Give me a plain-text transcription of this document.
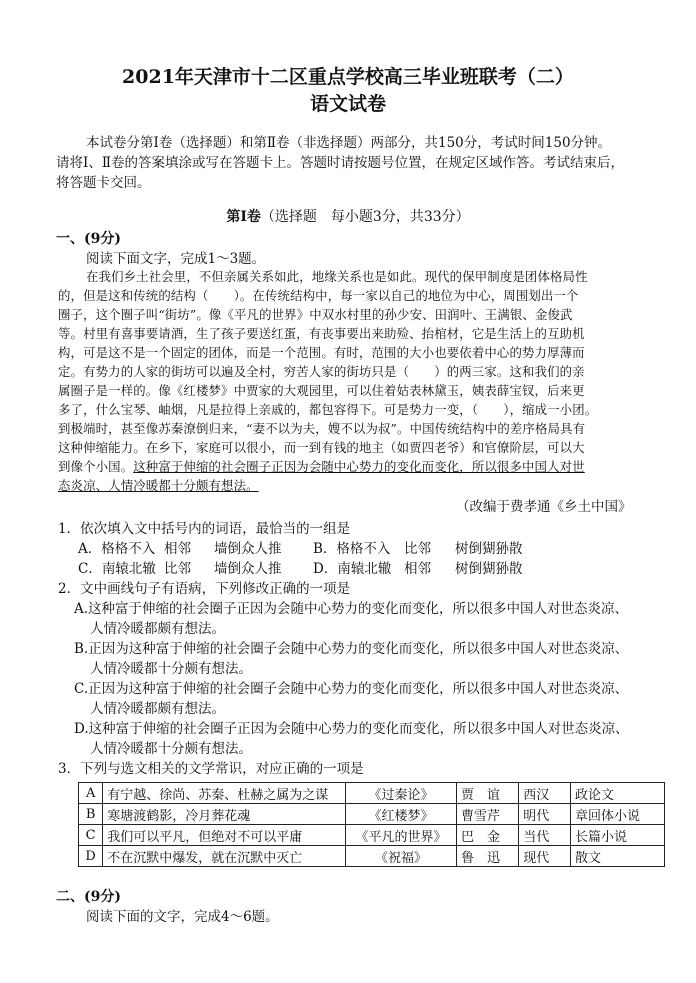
2021年天津市十二区重点学校高三毕业班联考（二）
语文试卷
本试卷分第Ⅰ卷（选择题）和第Ⅱ卷（非选择题）两部分，共150分，考试时间150分钟。
请将Ⅰ、Ⅱ卷的答案填涂或写在答题卡上。答题时请按题号位置，在规定区域作答。考试结束后，
将答题卡交回。
第Ⅰ卷（选择题　每小题3分，共33分）
一、(9分)
阅读下面文字，完成1～3题。
在我们乡土社会里，不但亲属关系如此，地缘关系也是如此。现代的保甲制度是团体格局性
的，但是这和传统的结构（　　）。在传统结构中，每一家以自己的地位为中心，周围划出一个
圈子，这个圈子叫“街坊”。像《平凡的世界》中双水村里的孙少安、田润叶、王满银、金俊武
等。村里有喜事要请酒，生了孩子要送红蛋，有丧事要出来助殓、抬棺材，它是生活上的互助机
构，可是这不是一个固定的团体，而是一个范围。有时，范围的大小也要依着中心的势力厚薄而
定。有势力的人家的街坊可以遍及全村，穷苦人家的街坊只是（　　）的两三家。这和我们的亲
属圈子是一样的。像《红楼梦》中贾家的大观园里，可以住着姑表林黛玉，姨表薛宝钗，后来更
多了，什么宝琴、岫烟，凡是拉得上亲戚的，都包容得下。可是势力一变，（　　），缩成一小团。
到极端时，甚至像苏秦潦倒归来，“妻不以为夫，嫂不以为叔”。中国传统结构中的差序格局具有
这种伸缩能力。在乡下，家庭可以很小，而一到有钱的地主（如贾四老爷）和官僚阶层，可以大
到像个小国。这种富于伸缩的社会圈子正因为会随中心势力的变化而变化，所以很多中国人对世
态炎凉、人情冷暖都十分颇有想法。
（改编于费孝通《乡土中国》
1．依次填入文中括号内的词语，最恰当的一组是
A．格格不入 相邻 墙倒众人推 B．格格不入 比邻 树倒猢狲散
C．南辕北辙 比邻 墙倒众人推 D．南辕北辙 相邻 树倒猢狲散
2．文中画线句子有语病，下列修改正确的一项是
A.这种富于伸缩的社会圈子正因为会随中心势力的变化而变化，所以很多中国人对世态炎凉、
人情冷暖都颇有想法。
B.正因为这种富于伸缩的社会圈子会随中心势力的变化而变化，所以很多中国人对世态炎凉、
人情冷暖都十分颇有想法。
C.正因为这种富于伸缩的社会圈子会随中心势力的变化而变化，所以很多中国人对世态炎凉、
人情冷暖都颇有想法。
D.这种富于伸缩的社会圈子正因为会随中心势力的变化而变化，所以很多中国人对世态炎凉、
人情冷暖都十分颇有想法。
3．下列与选文相关的文学常识，对应正确的一项是
A	有宁越、徐尚、苏秦、杜赫之属为之谋	《过秦论》	贾　谊	西汉	政论文
B	寒塘渡鹤影，冷月葬花魂	《红楼梦》	曹雪芹	明代	章回体小说
C	我们可以平凡，但绝对不可以平庸	《平凡的世界》	巴　金	当代	长篇小说
D	不在沉默中爆发，就在沉默中灭亡	《祝福》	鲁　迅	现代	散文
二、(9分)
阅读下面的文字，完成4～6题。
